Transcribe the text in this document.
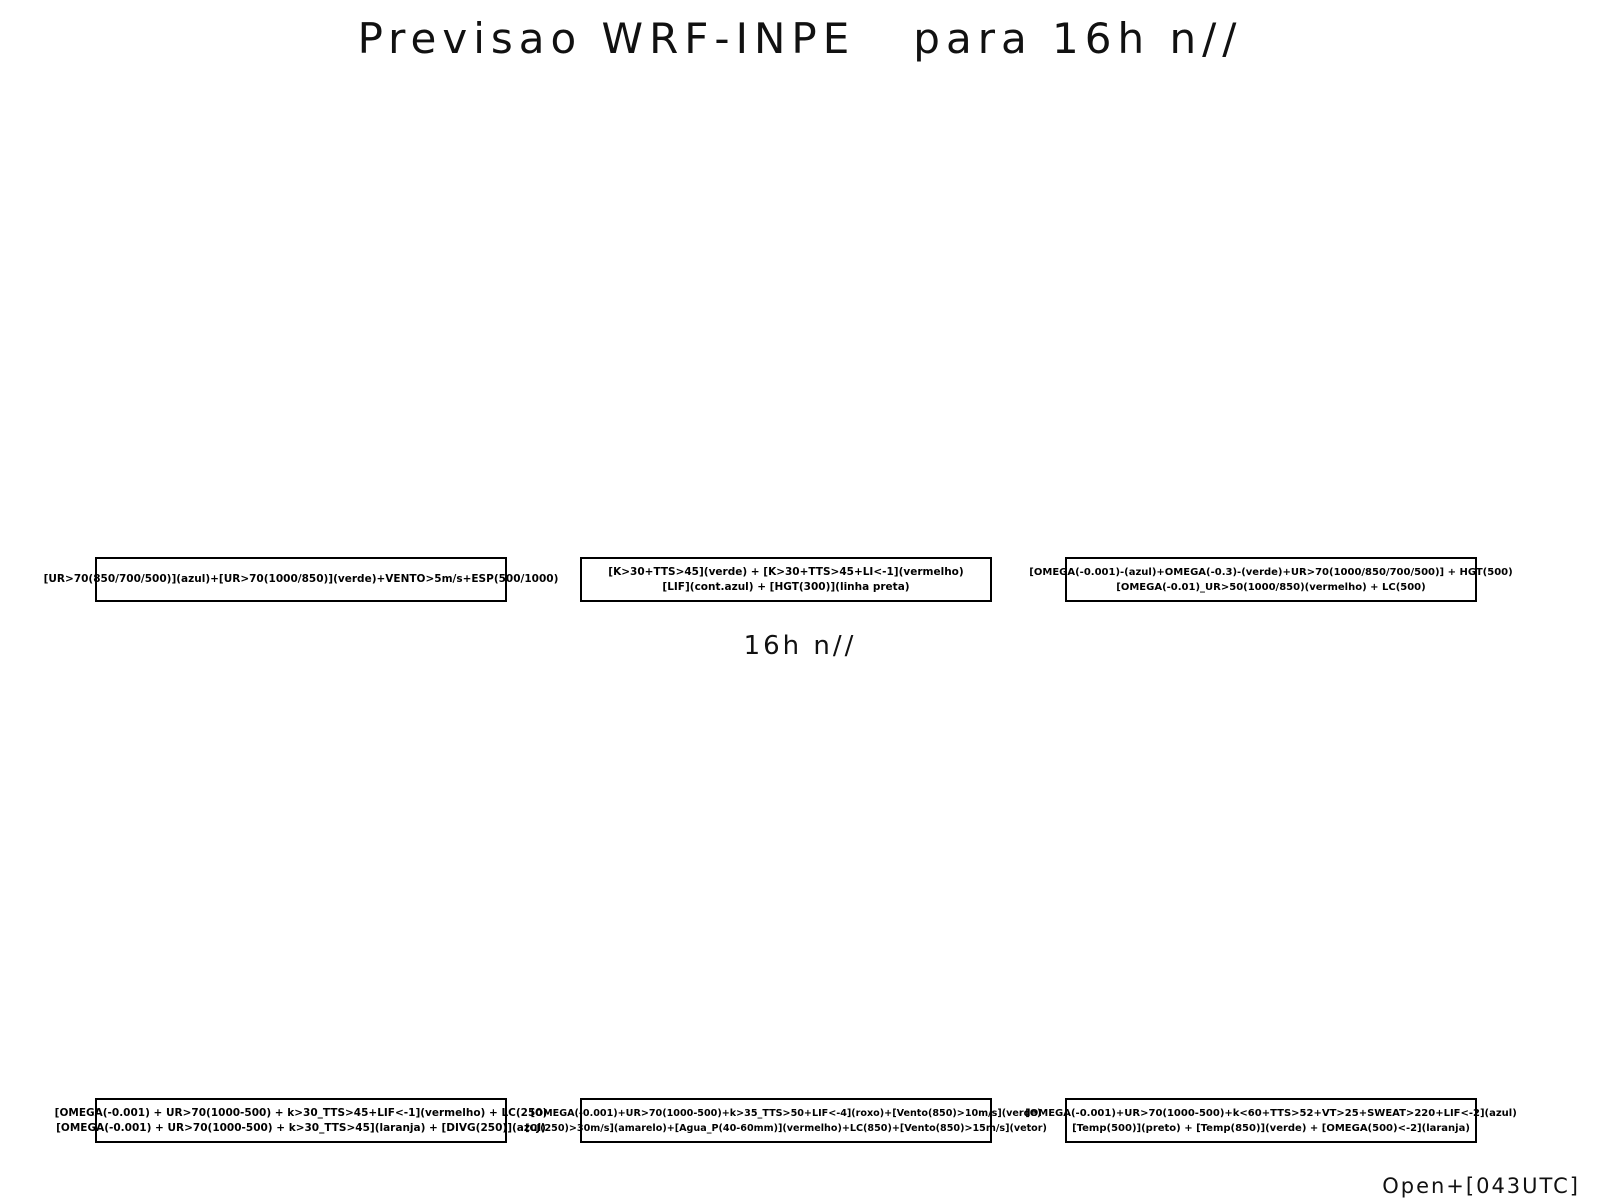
Previsao WRF-INPE   para 16h n//
[UR>70(850/700/500)](azul)+[UR>70(1000/850)](verde)+VENTO>5m/s+ESP(500/1000)
[K>30+TTS>45](verde) + [K>30+TTS>45+LI<-1](vermelho)
[LIF](cont.azul) + [HGT(300)](linha preta)
[OMEGA(-0.001)-(azul)+OMEGA(-0.3)-(verde)+UR>70(1000/850/700/500)] + HGT(500)
[OMEGA(-0.01)_UR>50(1000/850)(vermelho) + LC(500)
16h n//
[OMEGA(-0.001) + UR>70(1000-500) + k>30_TTS>45+LIF<-1](vermelho) + LC(250)
[OMEGA(-0.001) + UR>70(1000-500) + k>30_TTS>45](laranja) + [DIVG(250)](azul)
[OMEGA(-0.001)+UR>70(1000-500)+k>35_TTS>50+LIF<-4](roxo)+[Vento(850)>10m/s](verde)
[CJ(250)>30m/s](amarelo)+[Agua_P(40-60mm)](vermelho)+LC(850)+[Vento(850)>15m/s](vetor)
[OMEGA(-0.001)+UR>70(1000-500)+k<60+TTS>52+VT>25+SWEAT>220+LIF<-2](azul)
[Temp(500)](preto) + [Temp(850)](verde) + [OMEGA(500)<-2](laranja)
Open+[043UTC]
